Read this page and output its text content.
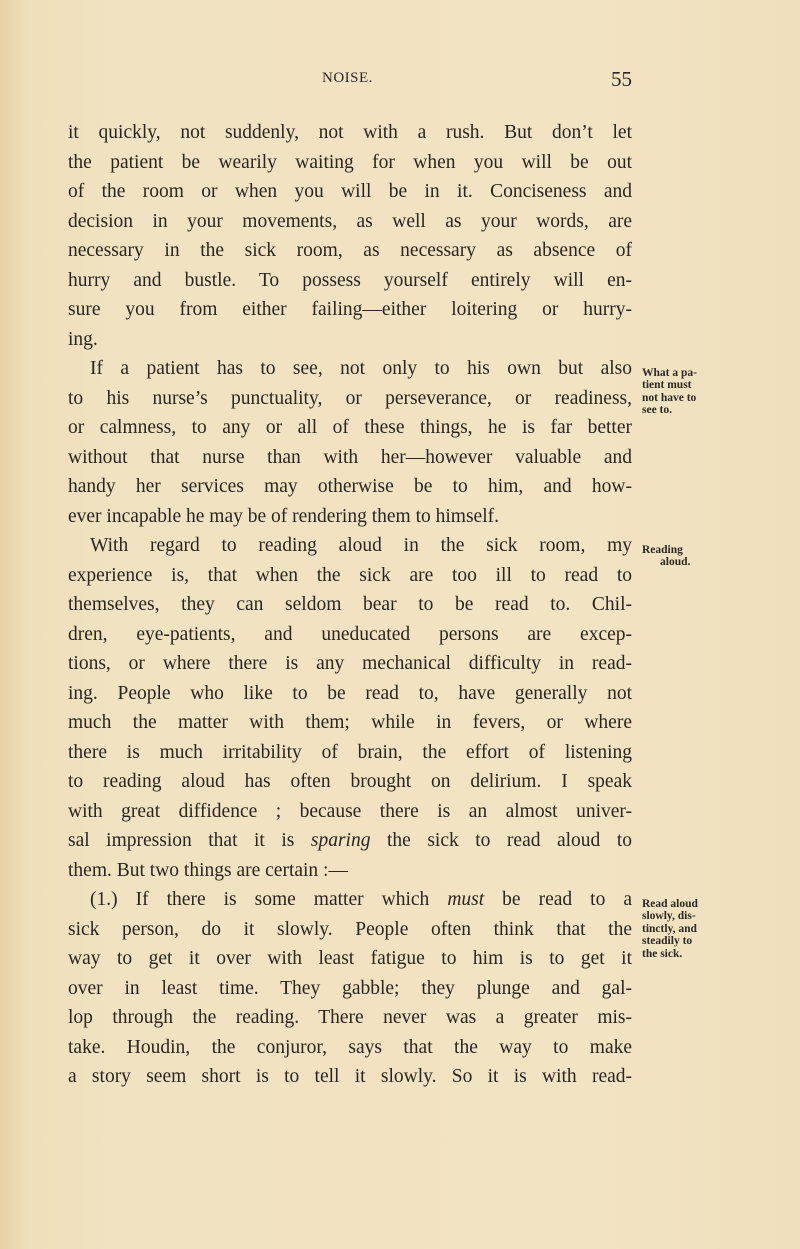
NOISE.	55
it quickly, not suddenly, not with a rush. But don’t let
the patient be wearily waiting for when you will be out
of the room or when you will be in it. Conciseness and
decision in your movements, as well as your words, are
necessary in the sick room, as necessary as absence of
hurry and bustle. To possess yourself entirely will en-
sure you from either failing—either loitering or hurry-
ing.
If a patient has to see, not only to his own but also
to his nurse’s punctuality, or perseverance, or readiness,
or calmness, to any or all of these things, he is far better
without that nurse than with her—however valuable and
handy her services may otherwise be to him, and how-
ever incapable he may be of rendering them to himself.
With regard to reading aloud in the sick room, my
experience is, that when the sick are too ill to read to
themselves, they can seldom bear to be read to. Chil-
dren, eye-patients, and uneducated persons are excep-
tions, or where there is any mechanical difficulty in read-
ing. People who like to be read to, have generally not
much the matter with them; while in fevers, or where
there is much irritability of brain, the effort of listening
to reading aloud has often brought on delirium. I speak
with great diffidence ; because there is an almost univer-
sal impression that it is sparing the sick to read aloud to
them. But two things are certain :—
(1.) If there is some matter which must be read to a
sick person, do it slowly. People often think that the
way to get it over with least fatigue to him is to get it
over in least time. They gabble; they plunge and gal-
lop through the reading. There never was a greater mis-
take. Houdin, the conjuror, says that the way to make
a story seem short is to tell it slowly. So it is with read-
What a pa-
tient must
not have to
see to.
Reading
aloud.
Read aloud
slowly, dis-
tinctly, and
steadily to
the sick.
